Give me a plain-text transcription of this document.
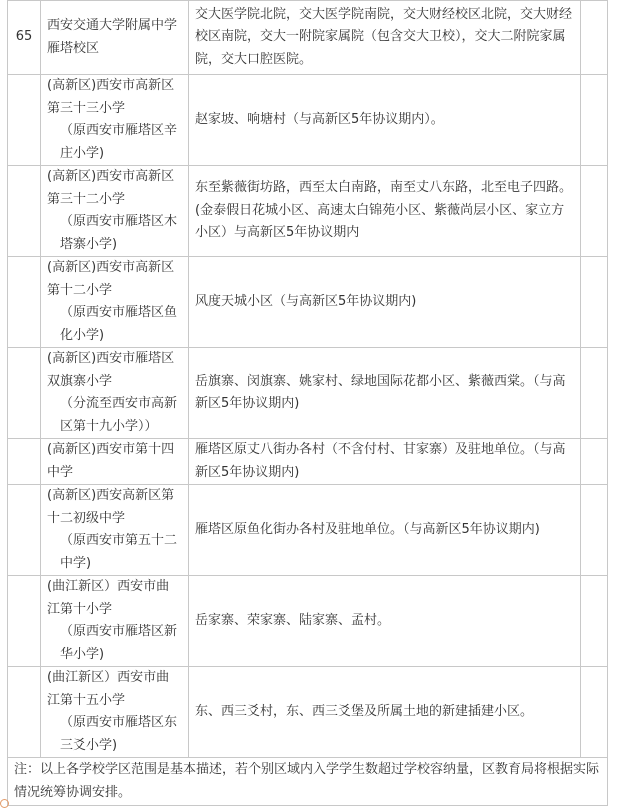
65	西安交通大学附属中学雁塔校区	交大医学院北院，交大医学院南院，交大财经校区北院，交大财经校区南院，交大一附院家属院（包含交大卫校），交大二附院家属院，交大口腔医院。	

	(高新区)西安市高新区第三十三小学
（原西安市雁塔区辛庄小学)	赵家坡、响塘村（与高新区5年协议期内）。	

	(高新区)西安市高新区第三十二小学
（原西安市雁塔区木塔寨小学)	东至紫薇街坊路，西至太白南路，南至丈八东路，北至电子四路。(金泰假日花城小区、高速太白锦苑小区、紫薇尚层小区、家立方小区）与高新区5年协议期内	

	(高新区)西安市高新区第十二小学
（原西安市雁塔区鱼化小学)	风度天城小区（与高新区5年协议期内)	

	(高新区)西安市雁塔区双旗寨小学
（分流至西安市高新区第十九小学））	岳旗寨、闵旗寨、姚家村、绿地国际花都小区、紫薇西棠。（与高新区5年协议期内)	

	(高新区)西安市第十四中学	雁塔区原丈八街办各村（不含付村、甘家寨）及驻地单位。（与高新区5年协议期内)	

	(高新区)西安高新区第十二初级中学
（原西安市第五十二中学)	雁塔区原鱼化街办各村及驻地单位。（与高新区5年协议期内)	

	(曲江新区）西安市曲江第十小学
（原西安市雁塔区新华小学)	岳家寨、荣家寨、陆家寨、孟村。	

	(曲江新区）西安市曲江第十五小学
（原西安市雁塔区东三爻小学)	东、西三爻村，东、西三爻堡及所属土地的新建插建小区。	
注：以上各学校学区范围是基本描述，若个别区域内入学学生数超过学校容纳量，区教育局将根据实际情况统筹协调安排。			
